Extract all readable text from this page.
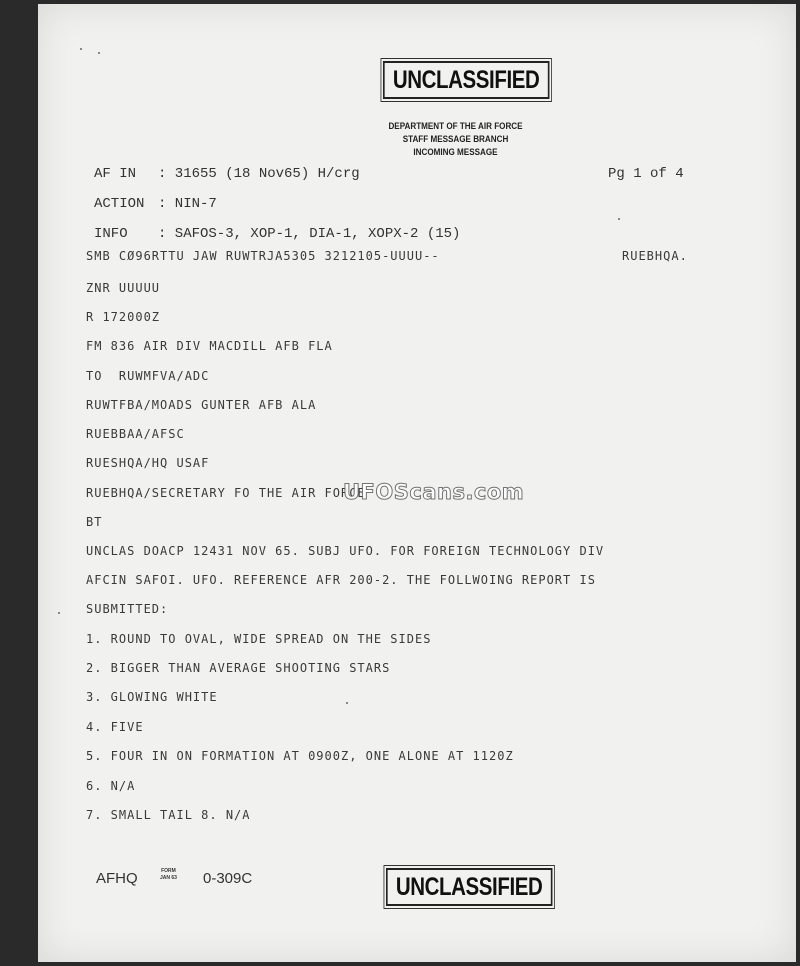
UNCLASSIFIED
DEPARTMENT OF THE AIR FORCE
STAFF MESSAGE BRANCH
INCOMING MESSAGE
AF IN : 31655 (18 Nov65) H/crg	Pg 1 of 4
ACTION : NIN-7
INFO : SAFOS-3, XOP-1, DIA-1, XOPX-2 (15)
SMB CØ96RTTU JAW RUWTRJA5305 3212105-UUUU--	RUEBHQA.
ZNR UUUUU
R 172000Z
FM 836 AIR DIV MACDILL AFB FLA
TO  RUWMFVA/ADC
RUWTFBA/MOADS GUNTER AFB ALA
RUEBBAA/AFSC
RUESHQA/HQ USAF
RUEBHQA/SECRETARY FO THE AIR FORCE
BT
UNCLAS DOACP 12431 NOV 65. SUBJ UFO. FOR FOREIGN TECHNOLOGY DIV
AFCIN SAFOI. UFO. REFERENCE AFR 200-2. THE FOLLWOING REPORT IS
SUBMITTED:
1. ROUND TO OVAL, WIDE SPREAD ON THE SIDES
2. BIGGER THAN AVERAGE SHOOTING STARS
3. GLOWING WHITE
4. FIVE
5. FOUR IN ON FORMATION AT 0900Z, ONE ALONE AT 1120Z
6. N/A
7. SMALL TAIL 8. N/A
UFOScans.com
AFHQ	FORM
JAN 63 0-309C	UNCLASSIFIED
